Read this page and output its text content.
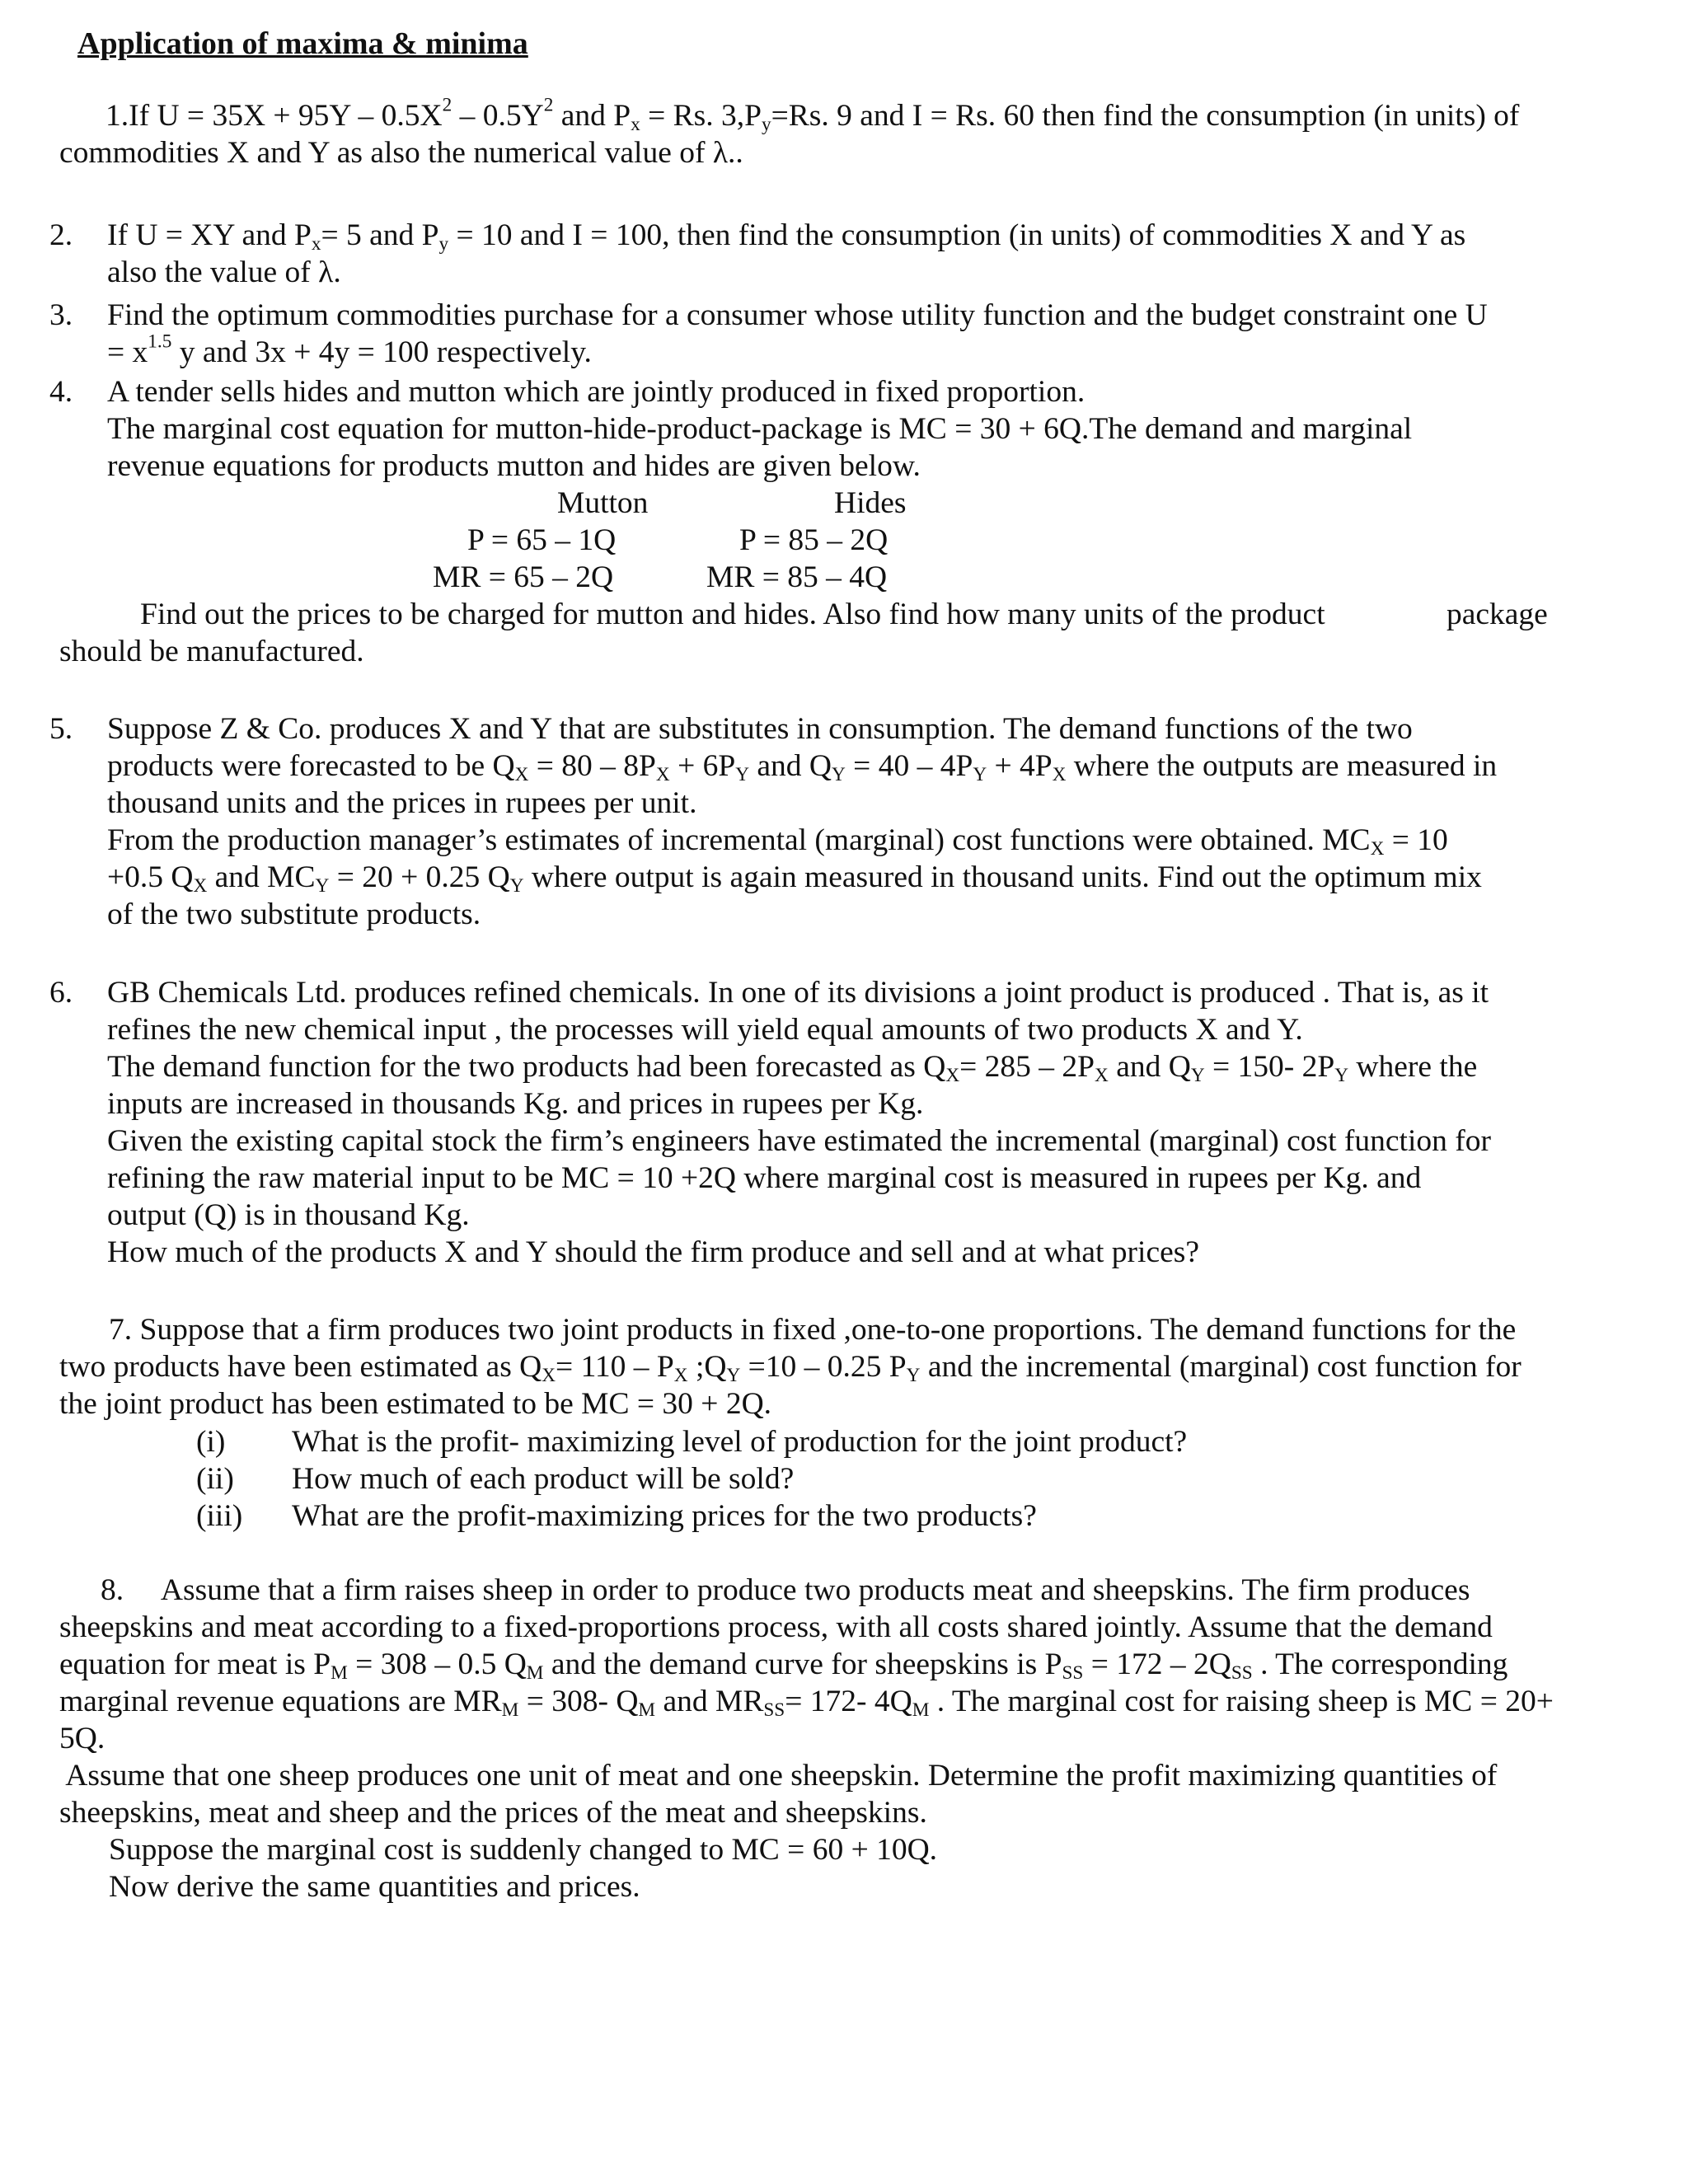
Application of maxima & minima
1.If $U = 35X + 95Y - 0.5X^2 - 0.5Y^2$ and $P_x = Rs$. $3,P_y=Rs$. 9 and I = Rs. 60 then find the consumption (in units) of
commodities X and Y as also the numerical value of λ..
2. If U = XY and $P_x= 5$ and $P_y = 10$ and I = 100, then find the consumption (in units) of commodities X and Y as
also the value of λ.
3. Find the optimum commodities purchase for a consumer whose utility function and the budget constraint one U
= $x^{1.5}$ y and 3x + 4y = 100 respectively.
4. A tender sells hides and mutton which are jointly produced in fixed proportion.
The marginal cost equation for mutton-hide-product-package is MC = 30 + 6Q.The demand and marginal
revenue equations for products mutton and hides are given below.
Mutton	Hides
P = 65 – 1Q	P = 85 – 2Q
MR = 65 – 2Q	MR = 85 – 4Q
Find out the prices to be charged for mutton and hides. Also find how many units of the product	package
should be manufactured.
5. Suppose Z & Co. produces X and Y that are substitutes in consumption. The demand functions of the two
products were forecasted to be $Q_X = 80 - 8P_X + 6P_Y$ and $Q_Y = 40 - 4P_Y + 4P_X$ where the outputs are measured in
thousand units and the prices in rupees per unit.
From the production manager’s estimates of incremental (marginal) cost functions were obtained. $MC_X = 10$
+0.5 $Q_X$ and $MC_Y = 20 + 0.25$ $Q_Y$ where output is again measured in thousand units. Find out the optimum mix
of the two substitute products.
6. GB Chemicals Ltd. produces refined chemicals. In one of its divisions a joint product is produced . That is, as it
refines the new chemical input , the processes will yield equal amounts of two products X and Y.
The demand function for the two products had been forecasted as $Q_X= 285 - 2P_X$ and $Q_Y = 150-$ $2P_Y$ where the
inputs are increased in thousands Kg. and prices in rupees per Kg.
Given the existing capital stock the firm’s engineers have estimated the incremental (marginal) cost function for
refining the raw material input to be MC = 10 +2Q where marginal cost is measured in rupees per Kg. and
output (Q) is in thousand Kg.
How much of the products X and Y should the firm produce and sell and at what prices?
7. Suppose that a firm produces two joint products in fixed ,one-to-one proportions. The demand functions for the
two products have been estimated as $Q_X= 110 - P_X$ $;Q_Y =10 - 0.25$ $P_Y$ and the incremental (marginal) cost function for
the joint product has been estimated to be MC = 30 + 2Q.
(i)	What is the profit- maximizing level of production for the joint product?
(ii)	How much of each product will be sold?
(iii)	What are the profit-maximizing prices for the two products?
8.     Assume that a firm raises sheep in order to produce two products meat and sheepskins. The firm produces
sheepskins and meat according to a fixed-proportions process, with all costs shared jointly. Assume that the demand
equation for meat is $P_M = 308 - 0.5$ $Q_M$ and the demand curve for sheepskins is $P_{SS} = 172 - 2Q_{SS}$ . The corresponding
marginal revenue equations are $MR_M = 308-$ $Q_M$ and $MR_{SS}= 172-$ $4Q_M$ . The marginal cost for raising sheep is MC = 20+
5Q.
Assume that one sheep produces one unit of meat and one sheepskin. Determine the profit maximizing quantities of
sheepskins, meat and sheep and the prices of the meat and sheepskins.
Suppose the marginal cost is suddenly changed to MC = 60 + 10Q.
Now derive the same quantities and prices.
